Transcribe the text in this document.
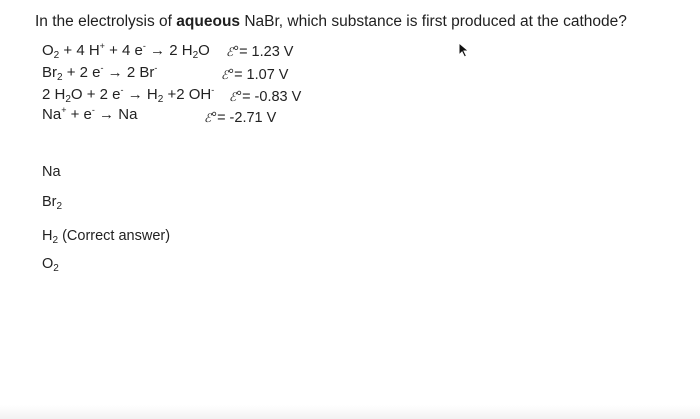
In the electrolysis of aqueous NaBr, which substance is first produced at the cathode?
$O_2 + 4$ H+ + 4 e- → 2 $H_2O$ ℰ°= 1.23 V
$Br_2 + 2$ e- → 2 Br-	ℰ°= 1.07 V
2 $H_2O + 2$ $e^- \to H_2 +2$ OH- ℰ°= -0.83 V
Na+ + e- → Na	ℰ°= -2.71 V
Na
$Br_2$
$H_2$ (Correct answer)
$O_2$
